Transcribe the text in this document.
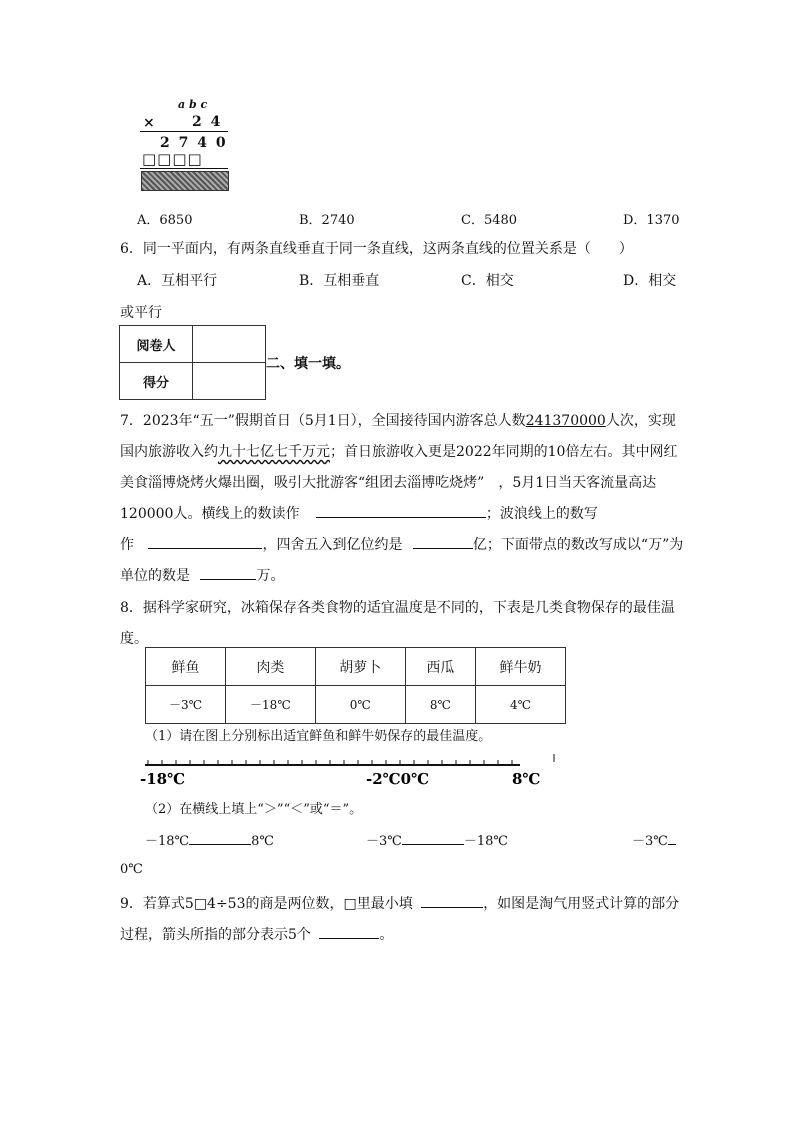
a b c
×	2 4
2 7 4 0
□□□□
A．6850	B．2740	C．5480	D．1370
6．同一平面内，有两条直线垂直于同一条直线，这两条直线的位置关系是（　　）
A．互相平行	B．互相垂直	C．相交	D．相交
或平行
阅卷人	
得分	
二、填一填。
7．2023年“五一”假期首日（5月1日），全国接待国内游客总人数241370000人次，实现
国内旅游收入约九十七亿七千万元；首日旅游收入更是2022年同期的10倍左右。其中网红
美食淄博烧烤火爆出圈，吸引大批游客“组团去淄博吃烧烤”　，5月1日当天客流量高达
120000人。横线上的数读作	；波浪线上的数写
作	，四舍五入到亿位约是	亿；下面带点的数改写成以“万”为
单位的数是	万。
8．据科学家研究，冰箱保存各类食物的适宜温度是不同的，下表是几类食物保存的最佳温
度。
鲜鱼	肉类	胡萝卜	西瓜	鲜牛奶
－3℃	－18℃	0℃	8℃	4℃
（1）请在图上分别标出适宜鲜鱼和鲜牛奶保存的最佳温度。
-18℃	-2℃0℃	8℃
（2）在横线上填上“＞”“＜”或“＝”。
－18℃	8℃	－3℃	－18℃	－3℃
0℃
9．若算式5□4÷53的商是两位数，□里最小填	，如图是淘气用竖式计算的部分
过程，箭头所指的部分表示5个	。
